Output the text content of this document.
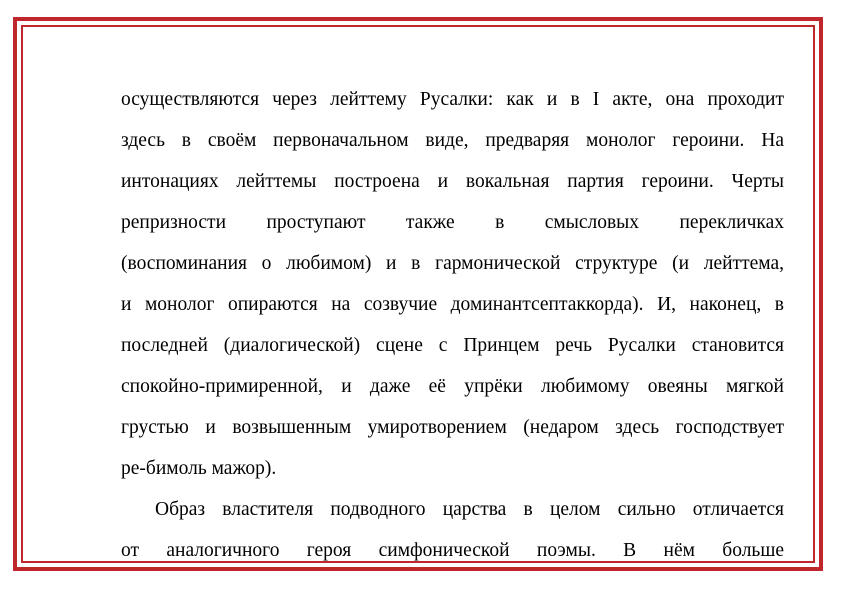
осуществляются через лейттему Русалки: как и в I акте, она проходит
здесь в своём первоначальном виде, предваряя монолог героини. На
интонациях лейттемы построена и вокальная партия героини. Черты
репризности проступают также в смысловых перекличках
(воспоминания о любимом) и в гармонической структуре (и лейттема,
и монолог опираются на созвучие доминантсептаккорда). И, наконец, в
последней (диалогической) сцене с Принцем речь Русалки становится
спокойно-примиренной, и даже её упрёки любимому овеяны мягкой
грустью и возвышенным умиротворением (недаром здесь господствует
ре-бимоль мажор).
Образ властителя подводного царства в целом сильно отличается
от аналогичного героя симфонической поэмы. В нём больше
